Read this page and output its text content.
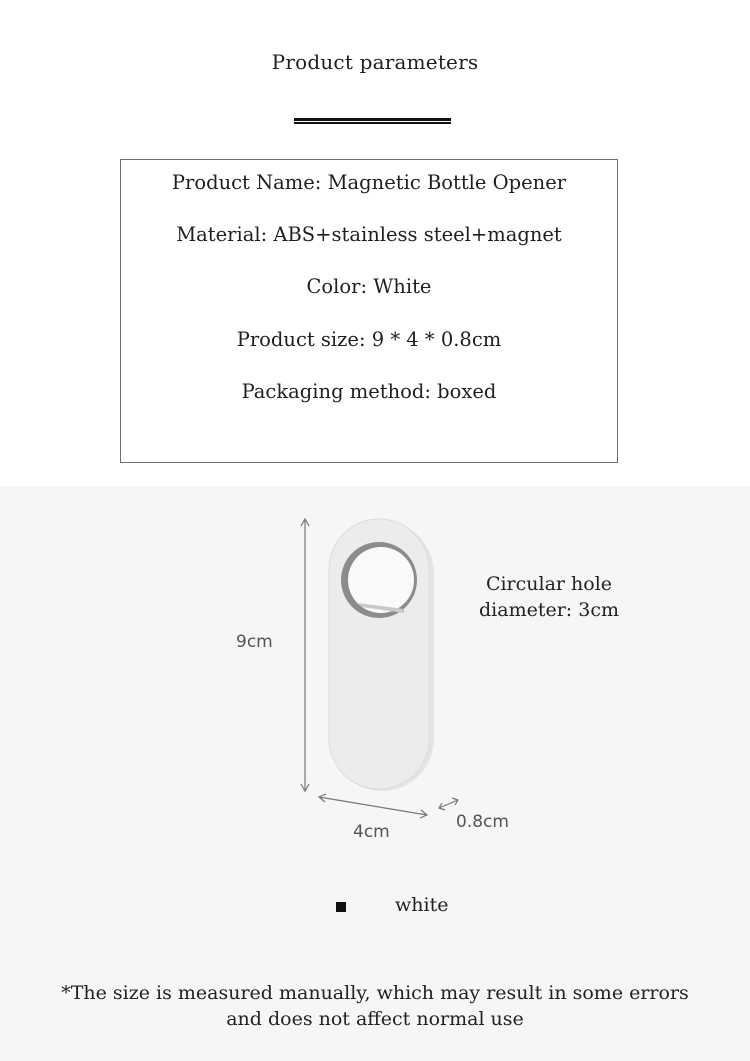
Product parameters
Product Name: Magnetic Bottle Opener
Material: ABS+stainless steel+magnet
Color: White
Product size: 9 * 4 * 0.8cm
Packaging method: boxed
9cm
4cm	0.8cm
Circular hole
diameter: 3cm
white
*The size is measured manually, which may result in some errors
and does not affect normal use
